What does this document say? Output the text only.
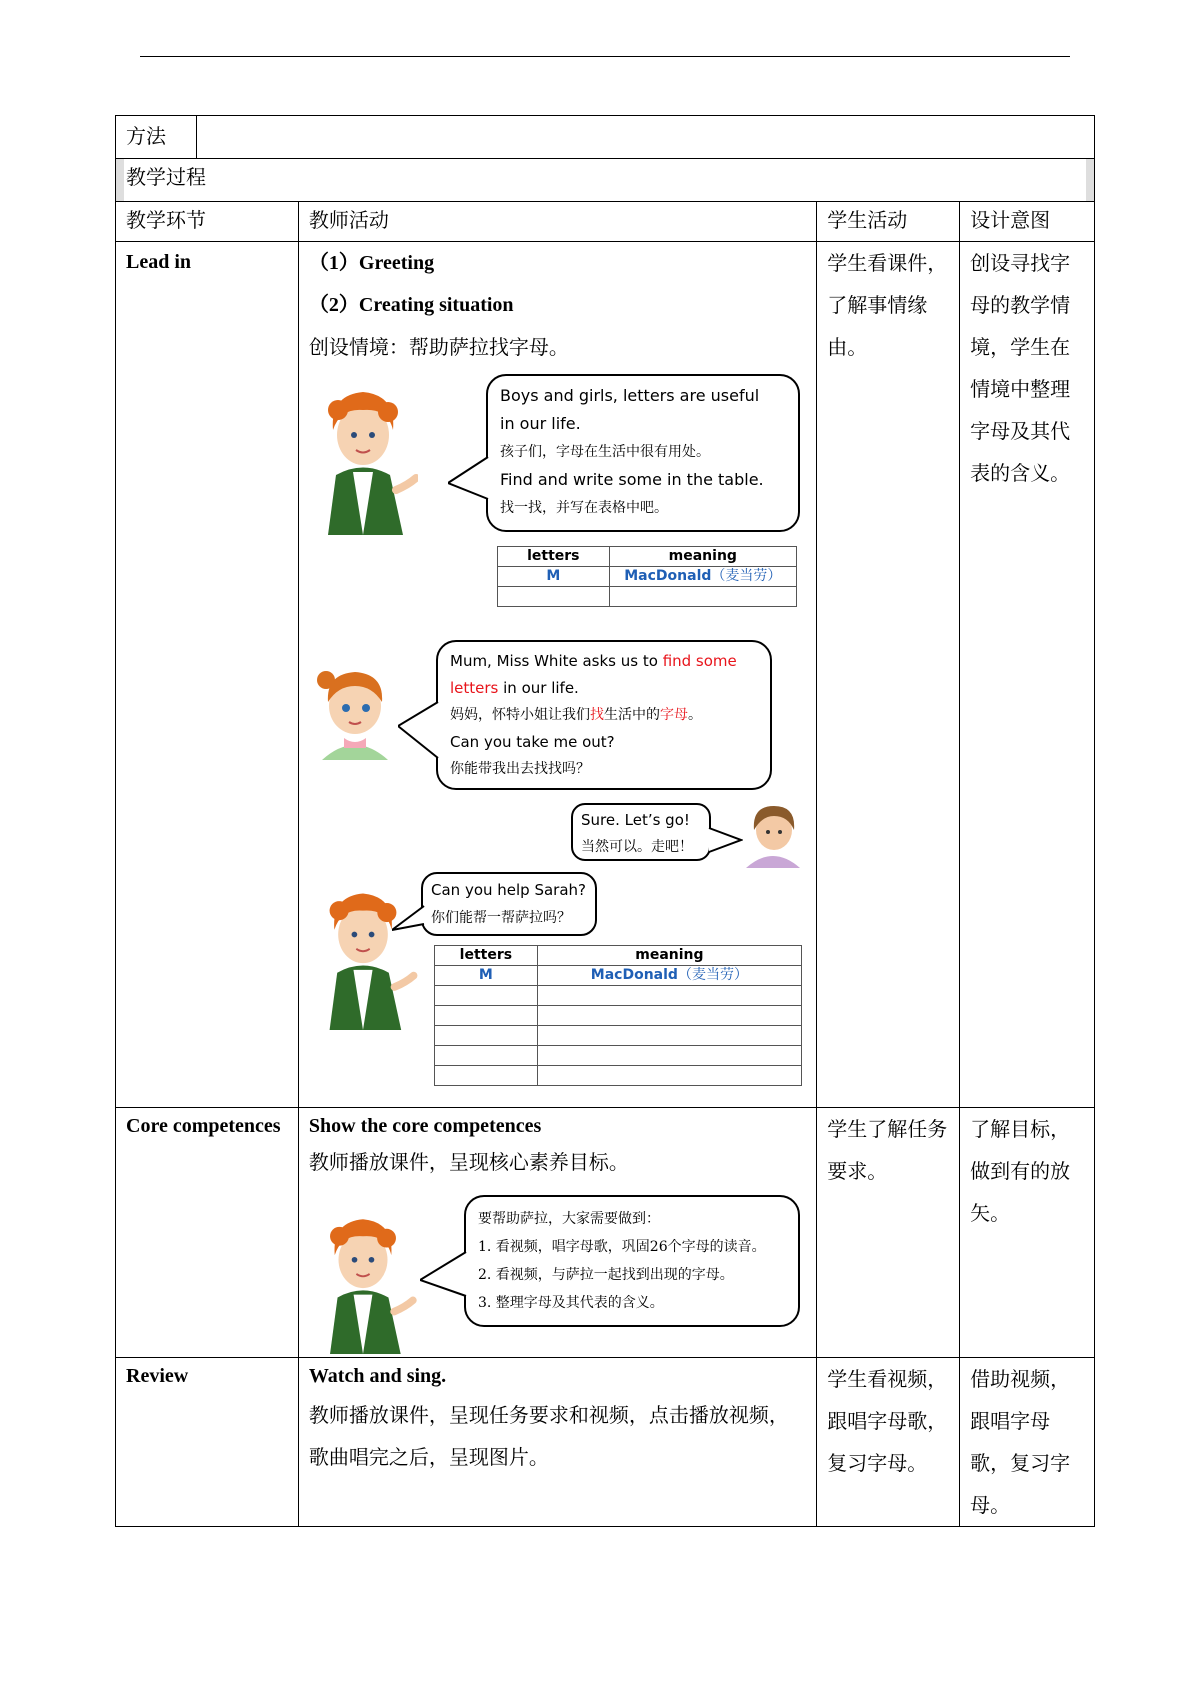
方法			

教学过程			
教学环节	教师活动	学生活动	设计意图

Lead in	（1）Greeting
（2）Creating situation
创设情境：帮助萨拉找字母。	学生看课件，了解事情缘由。	创设寻找字母的教学情境，学生在情境中整理字母及其代表的含义。

Core competences	Show the core competences
教师播放课件，呈现核心素养目标。	学生了解任务要求。	了解目标，做到有的放矢。

Review	Watch and sing.
教师播放课件，呈现任务要求和视频，点击播放视频，歌曲唱完之后，呈现图片。	学生看视频，跟唱字母歌，复习字母。	借助视频，跟唱字母歌，复习字母。
Boys and girls, letters are useful
in our life.
孩子们，字母在生活中很有用处。
Find and write some in the table.
找一找，并写在表格中吧。
letters	meaning
M	MacDonald（麦当劳）

Mum, Miss White asks us to find some
letters in our life.
妈妈，怀特小姐让我们找生活中的字母。
Can you take me out?
你能带我出去找找吗？
Sure. Let’s go!
当然可以。走吧！
Can you help Sarah?
你们能帮一帮萨拉吗？
letters	meaning
M	MacDonald（麦当劳）

要帮助萨拉，大家需要做到：
1. 看视频，唱字母歌，巩固26个字母的读音。
2. 看视频，与萨拉一起找到出现的字母。
3. 整理字母及其代表的含义。
